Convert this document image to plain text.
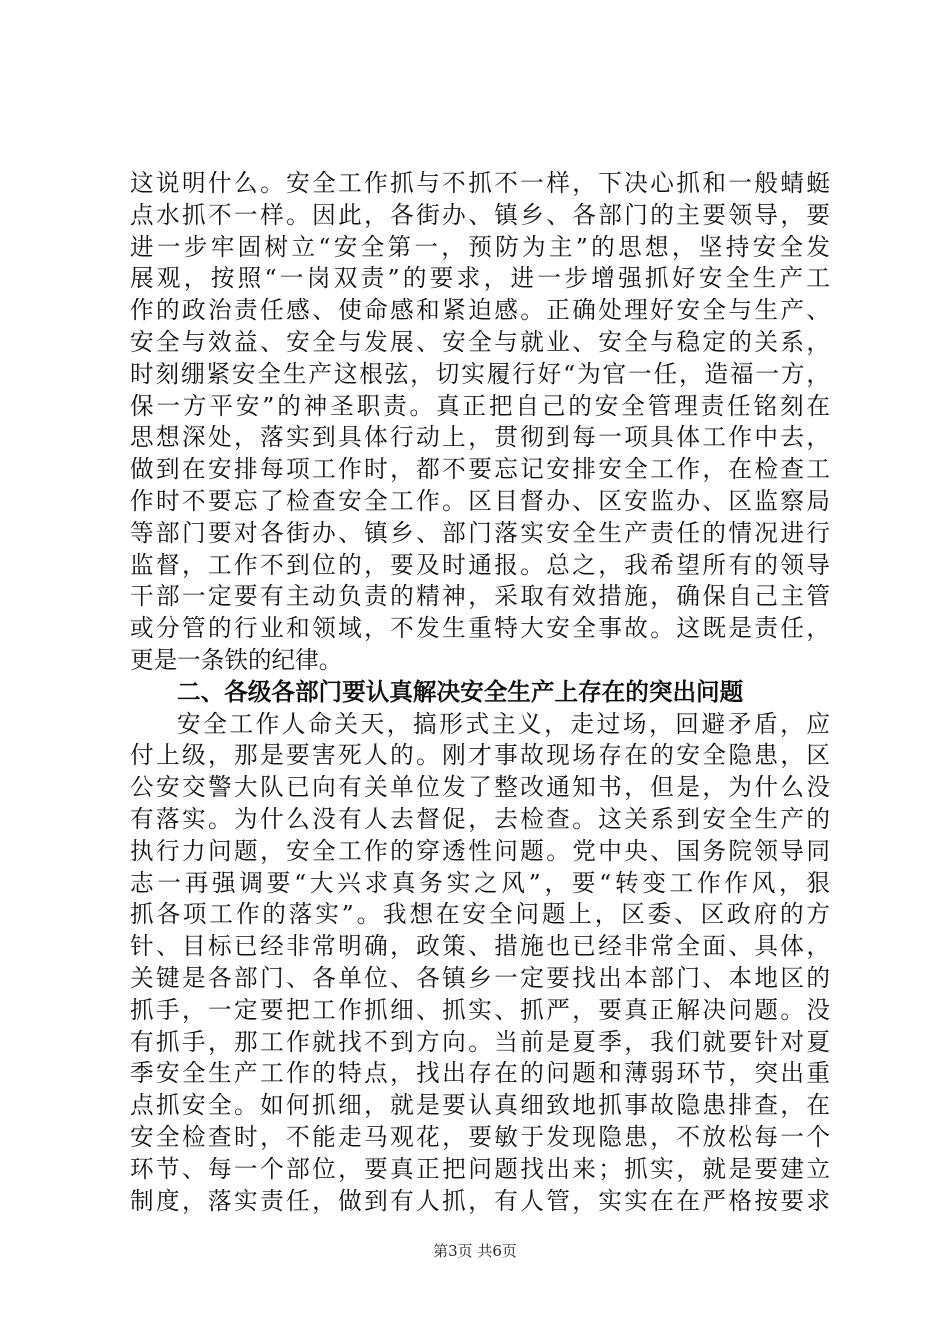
这说明什么。安全工作抓与不抓不一样，下决心抓和一般蜻蜓
点水抓不一样。因此，各街办、镇乡、各部门的主要领导，要
进一步牢固树立“安全第一，预防为主”的思想，坚持安全发
展观，按照“一岗双责”的要求，进一步增强抓好安全生产工
作的政治责任感、使命感和紧迫感。正确处理好安全与生产、
安全与效益、安全与发展、安全与就业、安全与稳定的关系，
时刻绷紧安全生产这根弦，切实履行好“为官一任，造福一方，
保一方平安”的神圣职责。真正把自己的安全管理责任铭刻在
思想深处，落实到具体行动上，贯彻到每一项具体工作中去，
做到在安排每项工作时，都不要忘记安排安全工作，在检查工
作时不要忘了检查安全工作。区目督办、区安监办、区监察局
等部门要对各街办、镇乡、部门落实安全生产责任的情况进行
监督，工作不到位的，要及时通报。总之，我希望所有的领导
干部一定要有主动负责的精神，采取有效措施，确保自己主管
或分管的行业和领域，不发生重特大安全事故。这既是责任，
更是一条铁的纪律。
二、各级各部门要认真解决安全生产上存在的突出问题
安全工作人命关天，搞形式主义，走过场，回避矛盾，应
付上级，那是要害死人的。刚才事故现场存在的安全隐患，区
公安交警大队已向有关单位发了整改通知书，但是，为什么没
有落实。为什么没有人去督促，去检查。这关系到安全生产的
执行力问题，安全工作的穿透性问题。党中央、国务院领导同
志一再强调要“大兴求真务实之风”，要“转变工作作风，狠
抓各项工作的落实”。我想在安全问题上，区委、区政府的方
针、目标已经非常明确，政策、措施也已经非常全面、具体，
关键是各部门、各单位、各镇乡一定要找出本部门、本地区的
抓手，一定要把工作抓细、抓实、抓严，要真正解决问题。没
有抓手，那工作就找不到方向。当前是夏季，我们就要针对夏
季安全生产工作的特点，找出存在的问题和薄弱环节，突出重
点抓安全。如何抓细，就是要认真细致地抓事故隐患排查，在
安全检查时，不能走马观花，要敏于发现隐患，不放松每一个
环节、每一个部位，要真正把问题找出来；抓实，就是要建立
制度，落实责任，做到有人抓，有人管，实实在在严格按要求
第3页 共6页
